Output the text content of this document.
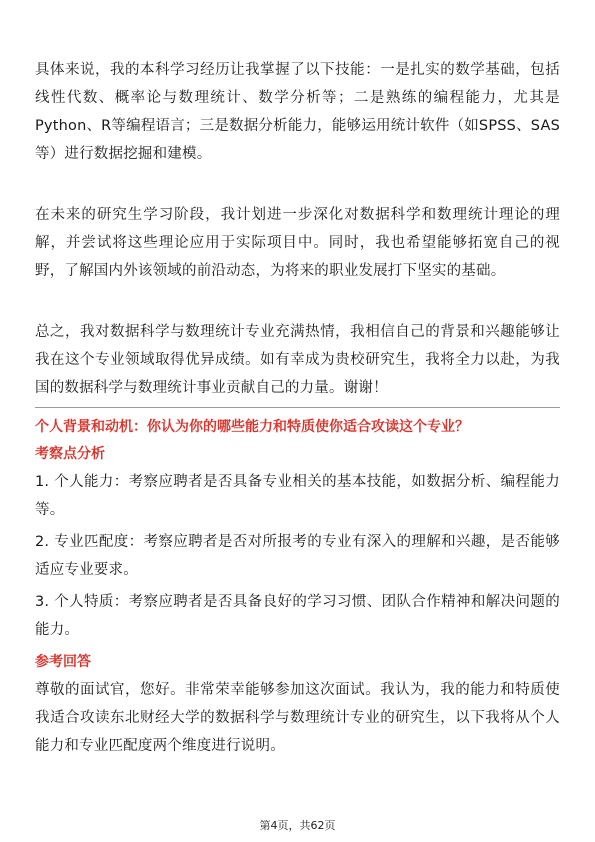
具体来说，我的本科学习经历让我掌握了以下技能：一是扎实的数学基础，包括线性代数、概率论与数理统计、数学分析等；二是熟练的编程能力，尤其是Python、R等编程语言；三是数据分析能力，能够运用统计软件（如SPSS、SAS等）进行数据挖掘和建模。

在未来的研究生学习阶段，我计划进一步深化对数据科学和数理统计理论的理解，并尝试将这些理论应用于实际项目中。同时，我也希望能够拓宽自己的视野，了解国内外该领域的前沿动态，为将来的职业发展打下坚实的基础。

总之，我对数据科学与数理统计专业充满热情，我相信自己的背景和兴趣能够让我在这个专业领域取得优异成绩。如有幸成为贵校研究生，我将全力以赴，为我国的数据科学与数理统计事业贡献自己的力量。谢谢！

个人背景和动机：你认为你的哪些能力和特质使你适合攻读这个专业？

考察点分析

1. 个人能力：考察应聘者是否具备专业相关的基本技能，如数据分析、编程能力等。

2. 专业匹配度：考察应聘者是否对所报考的专业有深入的理解和兴趣，是否能够适应专业要求。

3. 个人特质：考察应聘者是否具备良好的学习习惯、团队合作精神和解决问题的能力。

参考回答

尊敬的面试官，您好。非常荣幸能够参加这次面试。我认为，我的能力和特质使我适合攻读东北财经大学的数据科学与数理统计专业的研究生，以下我将从个人能力和专业匹配度两个维度进行说明。

第4页，共62页
